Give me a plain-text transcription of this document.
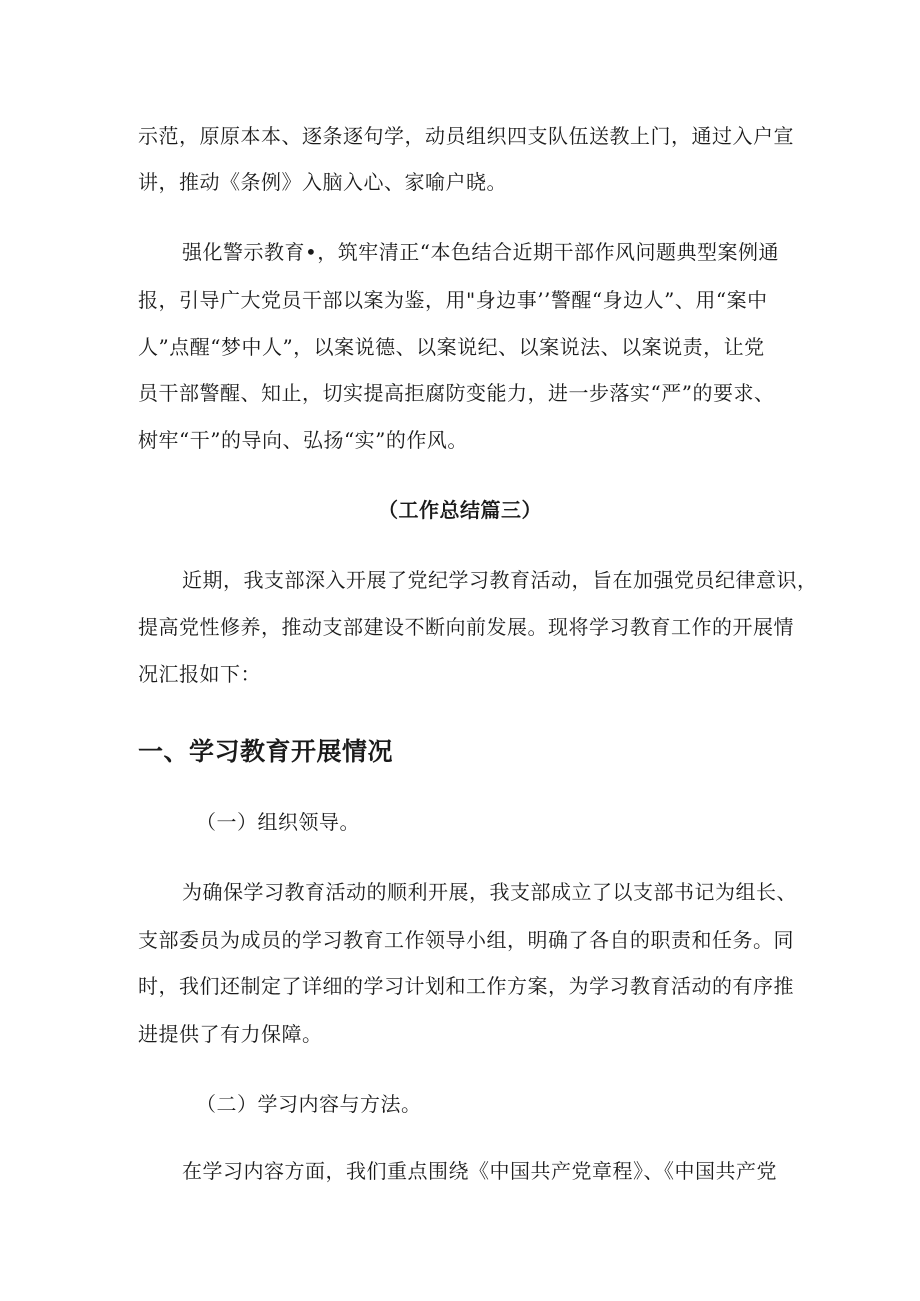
示范，原原本本、逐条逐句学，动员组织四支队伍送教上门，通过入户宣
讲，推动《条例》入脑入心、家喻户晓。
强化警示教育•，筑牢清正“本色结合近期干部作风问题典型案例通
报，引导广大党员干部以案为鉴，用"身边事’’警醒“身边人”、用“案中
人”点醒“梦中人”，以案说德、以案说纪、以案说法、以案说责，让党
员干部警醒、知止，切实提高拒腐防变能力，进一步落实“严”的要求、
树牢“干”的导向、弘扬“实”的作风。
（工作总结篇三）
近期，我支部深入开展了党纪学习教育活动，旨在加强党员纪律意识，
提高党性修养，推动支部建设不断向前发展。现将学习教育工作的开展情
况汇报如下：
一、学习教育开展情况
（一）组织领导。
为确保学习教育活动的顺利开展，我支部成立了以支部书记为组长、
支部委员为成员的学习教育工作领导小组，明确了各自的职责和任务。同
时，我们还制定了详细的学习计划和工作方案，为学习教育活动的有序推
进提供了有力保障。
（二）学习内容与方法。
在学习内容方面，我们重点围绕《中国共产党章程》、《中国共产党
